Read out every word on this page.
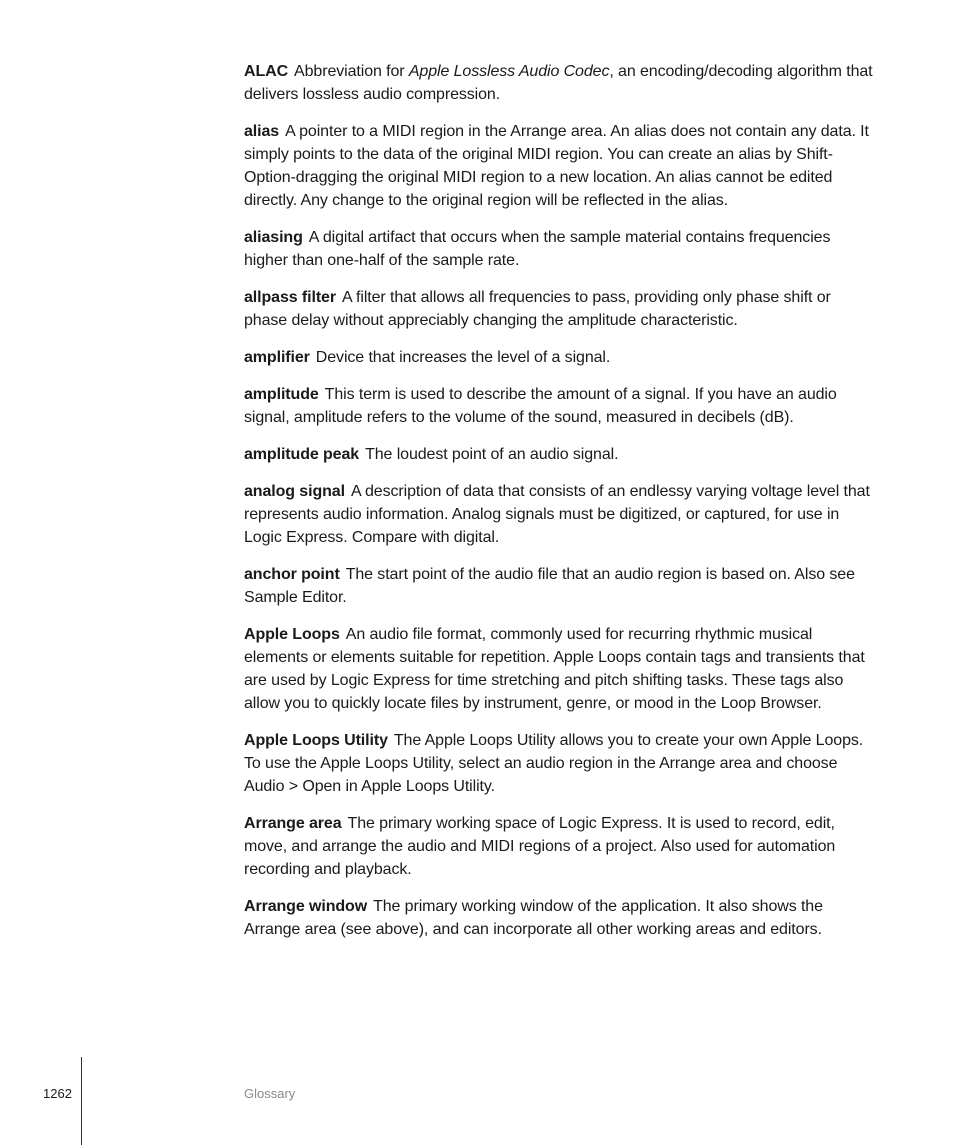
ALAC Abbreviation for Apple Lossless Audio Codec, an encoding/decoding algorithm that delivers lossless audio compression.

alias A pointer to a MIDI region in the Arrange area. An alias does not contain any data. It simply points to the data of the original MIDI region. You can create an alias by Shift-Option-dragging the original MIDI region to a new location. An alias cannot be edited directly. Any change to the original region will be reflected in the alias.

aliasing A digital artifact that occurs when the sample material contains frequencies higher than one-half of the sample rate.

allpass filter A filter that allows all frequencies to pass, providing only phase shift or phase delay without appreciably changing the amplitude characteristic.

amplifier Device that increases the level of a signal.

amplitude This term is used to describe the amount of a signal. If you have an audio signal, amplitude refers to the volume of the sound, measured in decibels (dB).

amplitude peak The loudest point of an audio signal.

analog signal A description of data that consists of an endlessy varying voltage level that represents audio information. Analog signals must be digitized, or captured, for use in Logic Express. Compare with digital.

anchor point The start point of the audio file that an audio region is based on. Also see Sample Editor.

Apple Loops An audio file format, commonly used for recurring rhythmic musical elements or elements suitable for repetition. Apple Loops contain tags and transients that are used by Logic Express for time stretching and pitch shifting tasks. These tags also allow you to quickly locate files by instrument, genre, or mood in the Loop Browser.

Apple Loops Utility The Apple Loops Utility allows you to create your own Apple Loops. To use the Apple Loops Utility, select an audio region in the Arrange area and choose Audio > Open in Apple Loops Utility.

Arrange area The primary working space of Logic Express. It is used to record, edit, move, and arrange the audio and MIDI regions of a project. Also used for automation recording and playback.

Arrange window The primary working window of the application. It also shows the Arrange area (see above), and can incorporate all other working areas and editors.

1262	Glossary
